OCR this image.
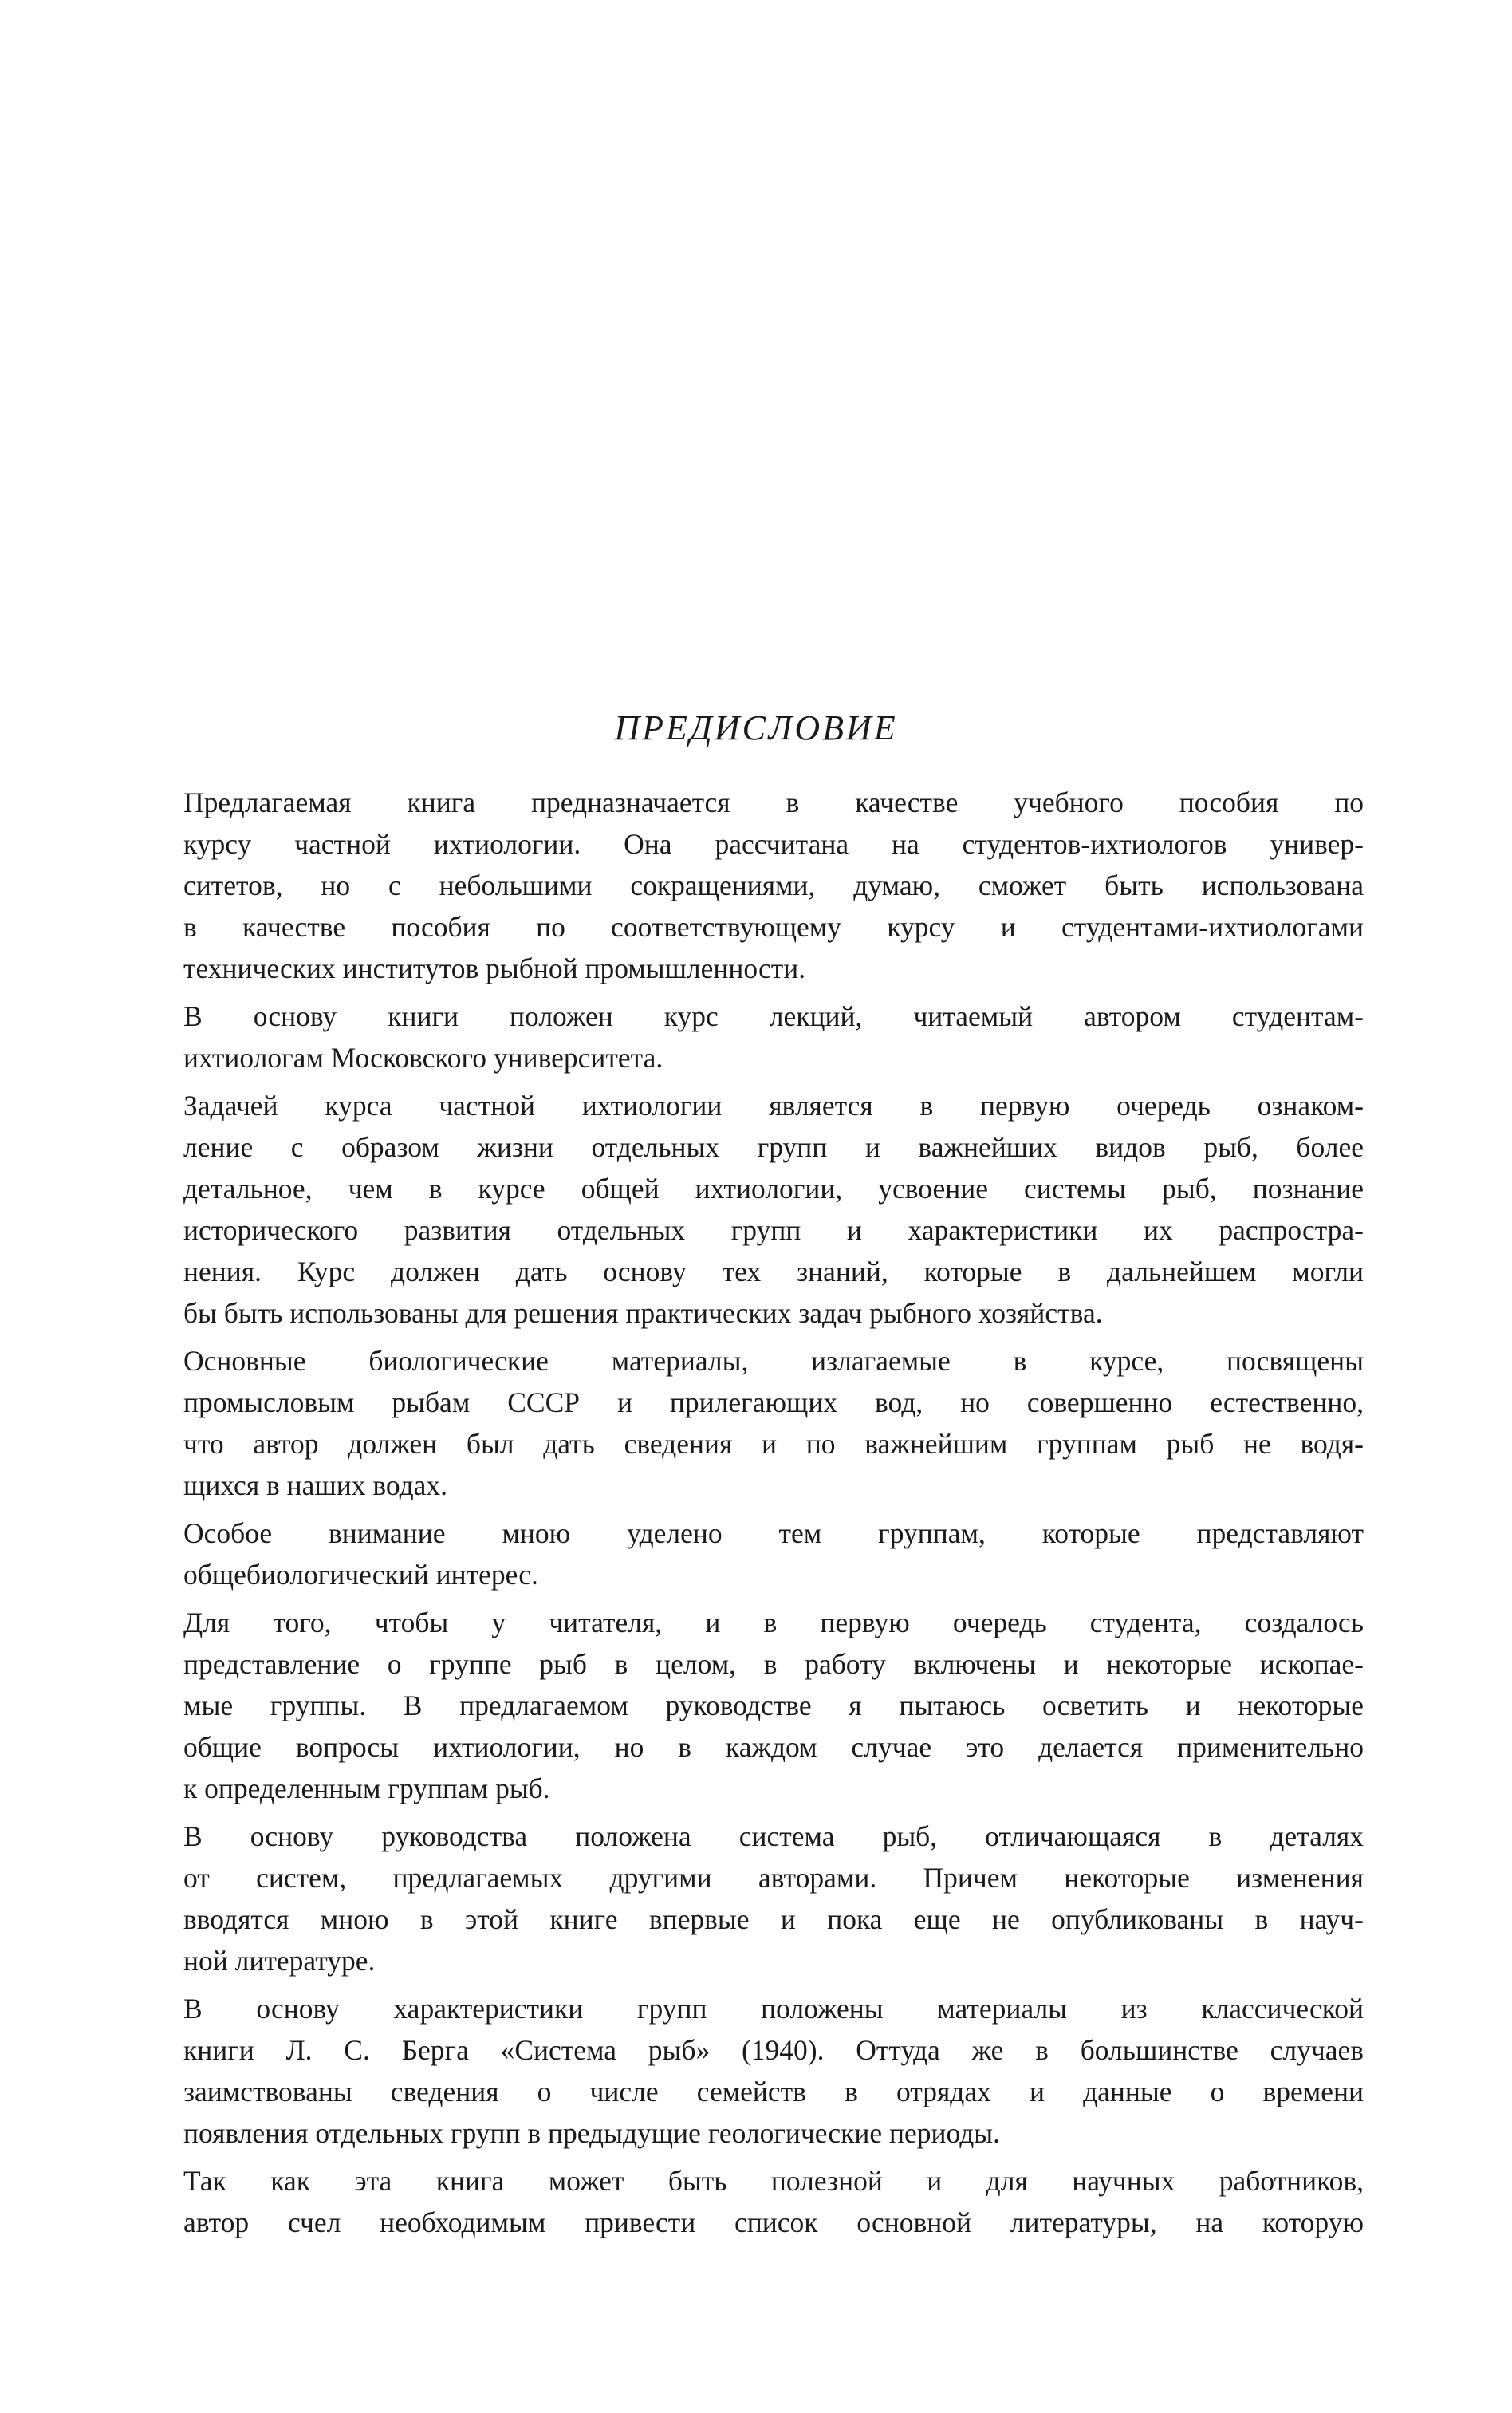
ПРЕДИСЛОВИЕ

Предлагаемая книга предназначается в качестве учебного пособия по
курсу частной ихтиологии. Она рассчитана на студентов-ихтиологов универ-
ситетов, но с небольшими сокращениями, думаю, сможет быть использована
в качестве пособия по соответствующему курсу и студентами-ихтиологами
технических институтов рыбной промышленности.

В основу книги положен курс лекций, читаемый автором студентам-
ихтиологам Московского университета.

Задачей курса частной ихтиологии является в первую очередь ознаком-
ление с образом жизни отдельных групп и важнейших видов рыб, более
детальное, чем в курсе общей ихтиологии, усвоение системы рыб, познание
исторического развития отдельных групп и характеристики их распростра-
нения. Курс должен дать основу тех знаний, которые в дальнейшем могли
бы быть использованы для решения практических задач рыбного хозяйства.

Основные биологические материалы, излагаемые в курсе, посвящены
промысловым рыбам СССР и прилегающих вод, но совершенно естественно,
что автор должен был дать сведения и по важнейшим группам рыб не водя-
щихся в наших водах.

Особое внимание мною уделено тем группам, которые представляют
общебиологический интерес.

Для того, чтобы у читателя, и в первую очередь студента, создалось
представление о группе рыб в целом, в работу включены и некоторые ископае-
мые группы. В предлагаемом руководстве я пытаюсь осветить и некоторые
общие вопросы ихтиологии, но в каждом случае это делается применительно
к определенным группам рыб.

В основу руководства положена система рыб, отличающаяся в деталях
от систем, предлагаемых другими авторами. Причем некоторые изменения
вводятся мною в этой книге впервые и пока еще не опубликованы в науч-
ной литературе.

В основу характеристики групп положены материалы из классической
книги Л. С. Берга «Система рыб» (1940). Оттуда же в большинстве случаев
заимствованы сведения о числе семейств в отрядах и данные о времени
появления отдельных групп в предыдущие геологические периоды.

Так как эта книга может быть полезной и для научных работников,
автор счел необходимым привести список основной литературы, на которую
